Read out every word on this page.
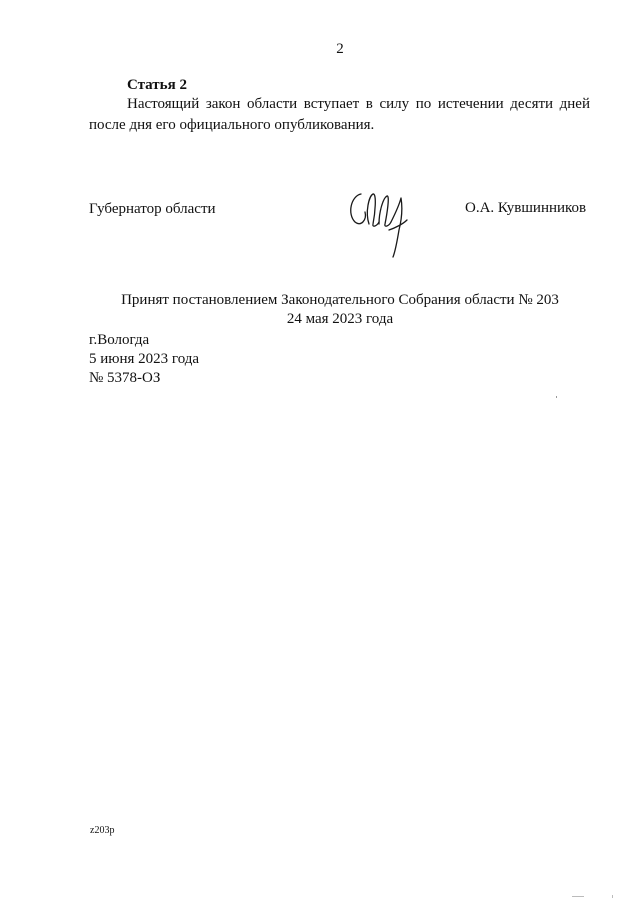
2

Статья 2

Настоящий закон области вступает в силу по истечении десяти дней
после дня его официального опубликования.

Губернатор области	О.А. Кувшинников

Принят постановлением Законодательного Собрания области № 203
24 мая 2023 года
г.Вологда
5 июня 2023 года
№ 5378-ОЗ

z203p
